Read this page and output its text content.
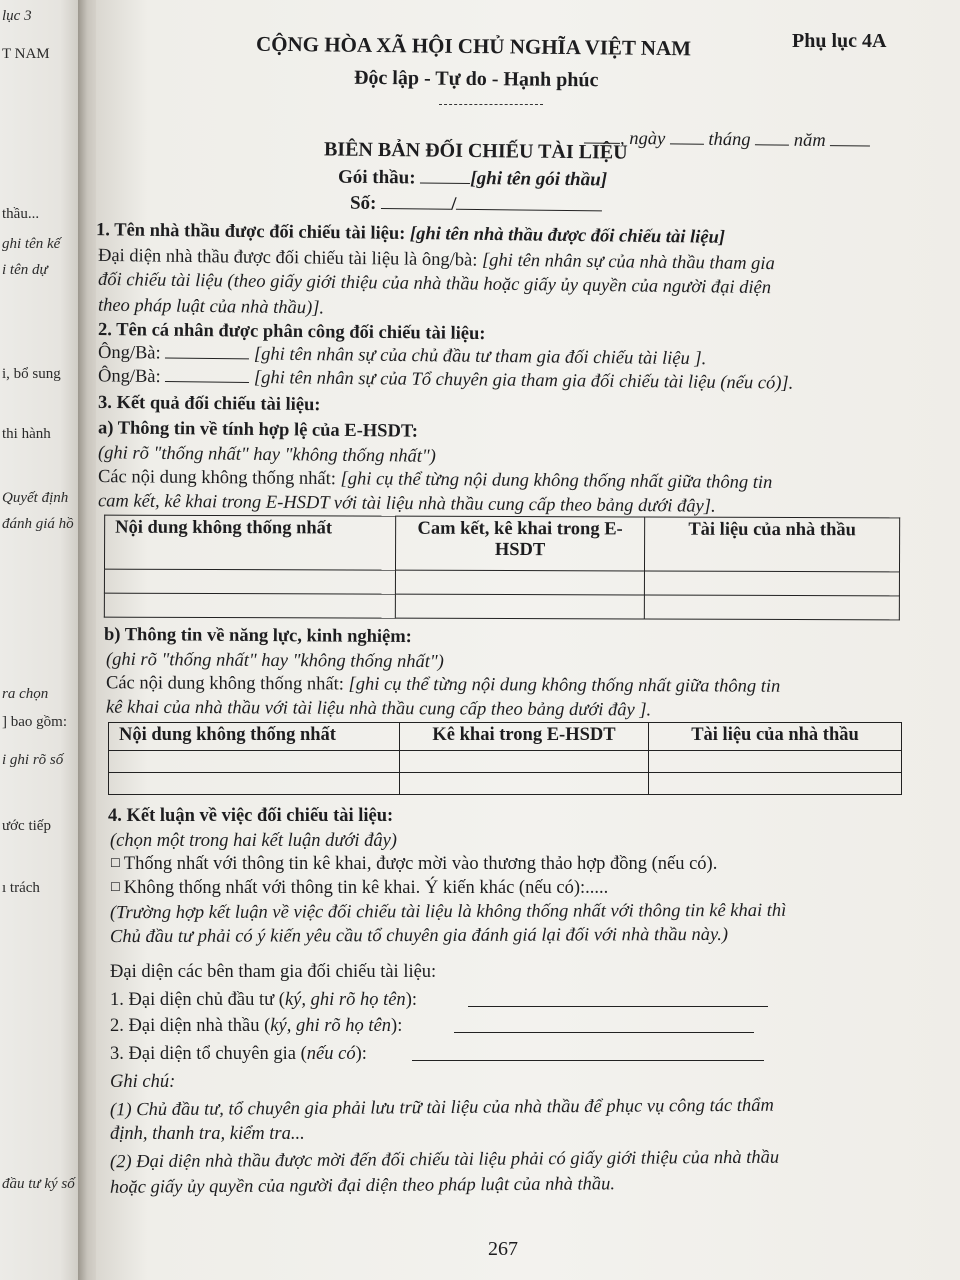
lục 3
T NAM
thầu...
ghi tên kế
i tên dự
i, bổ sung
thi hành
Quyết định
đánh giá hồ
ra chọn
] bao gồm:
i ghi rõ số
ước tiếp
ı trách
đầu tư ký số
Phụ lục 4A
CỘNG HÒA XÃ HỘI CHỦ NGHĨA VIỆT NAM
Độc lập - Tự do - Hạnh phúc
, ngày tháng năm
BIÊN BẢN ĐỐI CHIẾU TÀI LIỆU
Gói thầu:	[ghi tên gói thầu]
Số:	/
1. Tên nhà thầu được đối chiếu tài liệu: [ghi tên nhà thầu được đối chiếu tài liệu]
Đại diện nhà thầu được đối chiếu tài liệu là ông/bà: [ghi tên nhân sự của nhà thầu tham gia
đối chiếu tài liệu (theo giấy giới thiệu của nhà thầu hoặc giấy ủy quyền của người đại diện
theo pháp luật của nhà thầu)].
2. Tên cá nhân được phân công đối chiếu tài liệu:
Ông/Bà:	[ghi tên nhân sự của chủ đầu tư tham gia đối chiếu tài liệu ].
Ông/Bà:	[ghi tên nhân sự của Tổ chuyên gia tham gia đối chiếu tài liệu (nếu có)].
3. Kết quả đối chiếu tài liệu:
a) Thông tin về tính hợp lệ của E-HSDT:
(ghi rõ "thống nhất" hay "không thống nhất")
Các nội dung không thống nhất: [ghi cụ thể từng nội dung không thống nhất giữa thông tin
cam kết, kê khai trong E-HSDT với tài liệu nhà thầu cung cấp theo bảng dưới đây].
Nội dung không thống nhất	Cam kết, kê khai trong E-HSDT	Tài liệu của nhà thầu

b) Thông tin về năng lực, kinh nghiệm:
(ghi rõ "thống nhất" hay "không thống nhất")
Các nội dung không thống nhất: [ghi cụ thể từng nội dung không thống nhất giữa thông tin
kê khai của nhà thầu với tài liệu nhà thầu cung cấp theo bảng dưới đây ].
Nội dung không thống nhất	Kê khai trong E-HSDT	Tài liệu của nhà thầu

4. Kết luận về việc đối chiếu tài liệu:
(chọn một trong hai kết luận dưới đây)
☐ Thống nhất với thông tin kê khai, được mời vào thương thảo hợp đồng (nếu có).
☐ Không thống nhất với thông tin kê khai. Ý kiến khác (nếu có):.....
(Trường hợp kết luận về việc đối chiếu tài liệu là không thống nhất với thông tin kê khai thì
Chủ đầu tư phải có ý kiến yêu cầu tổ chuyên gia đánh giá lại đối với nhà thầu này.)
Đại diện các bên tham gia đối chiếu tài liệu:
1. Đại diện chủ đầu tư (ký, ghi rõ họ tên):
2. Đại diện nhà thầu (ký, ghi rõ họ tên):
3. Đại diện tổ chuyên gia (nếu có):
Ghi chú:
(1) Chủ đầu tư, tổ chuyên gia phải lưu trữ tài liệu của nhà thầu để phục vụ công tác thẩm
định, thanh tra, kiểm tra...
(2) Đại diện nhà thầu được mời đến đối chiếu tài liệu phải có giấy giới thiệu của nhà thầu
hoặc giấy ủy quyền của người đại diện theo pháp luật của nhà thầu.
267
